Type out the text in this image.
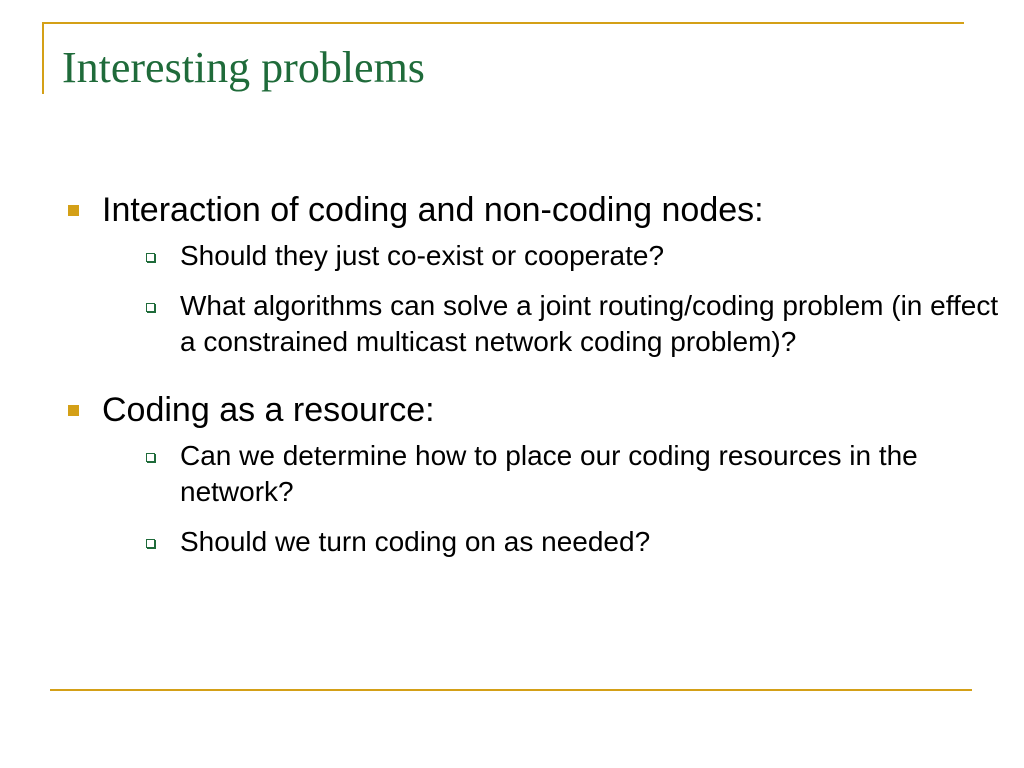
Interesting problems
Interaction of coding and non-coding nodes:
Should they just co-exist or cooperate?
What algorithms can solve a joint routing/coding problem (in effect a constrained multicast network coding problem)?
Coding as a resource:
Can we determine how to place our coding resources in the network?
Should we turn coding on as needed?
